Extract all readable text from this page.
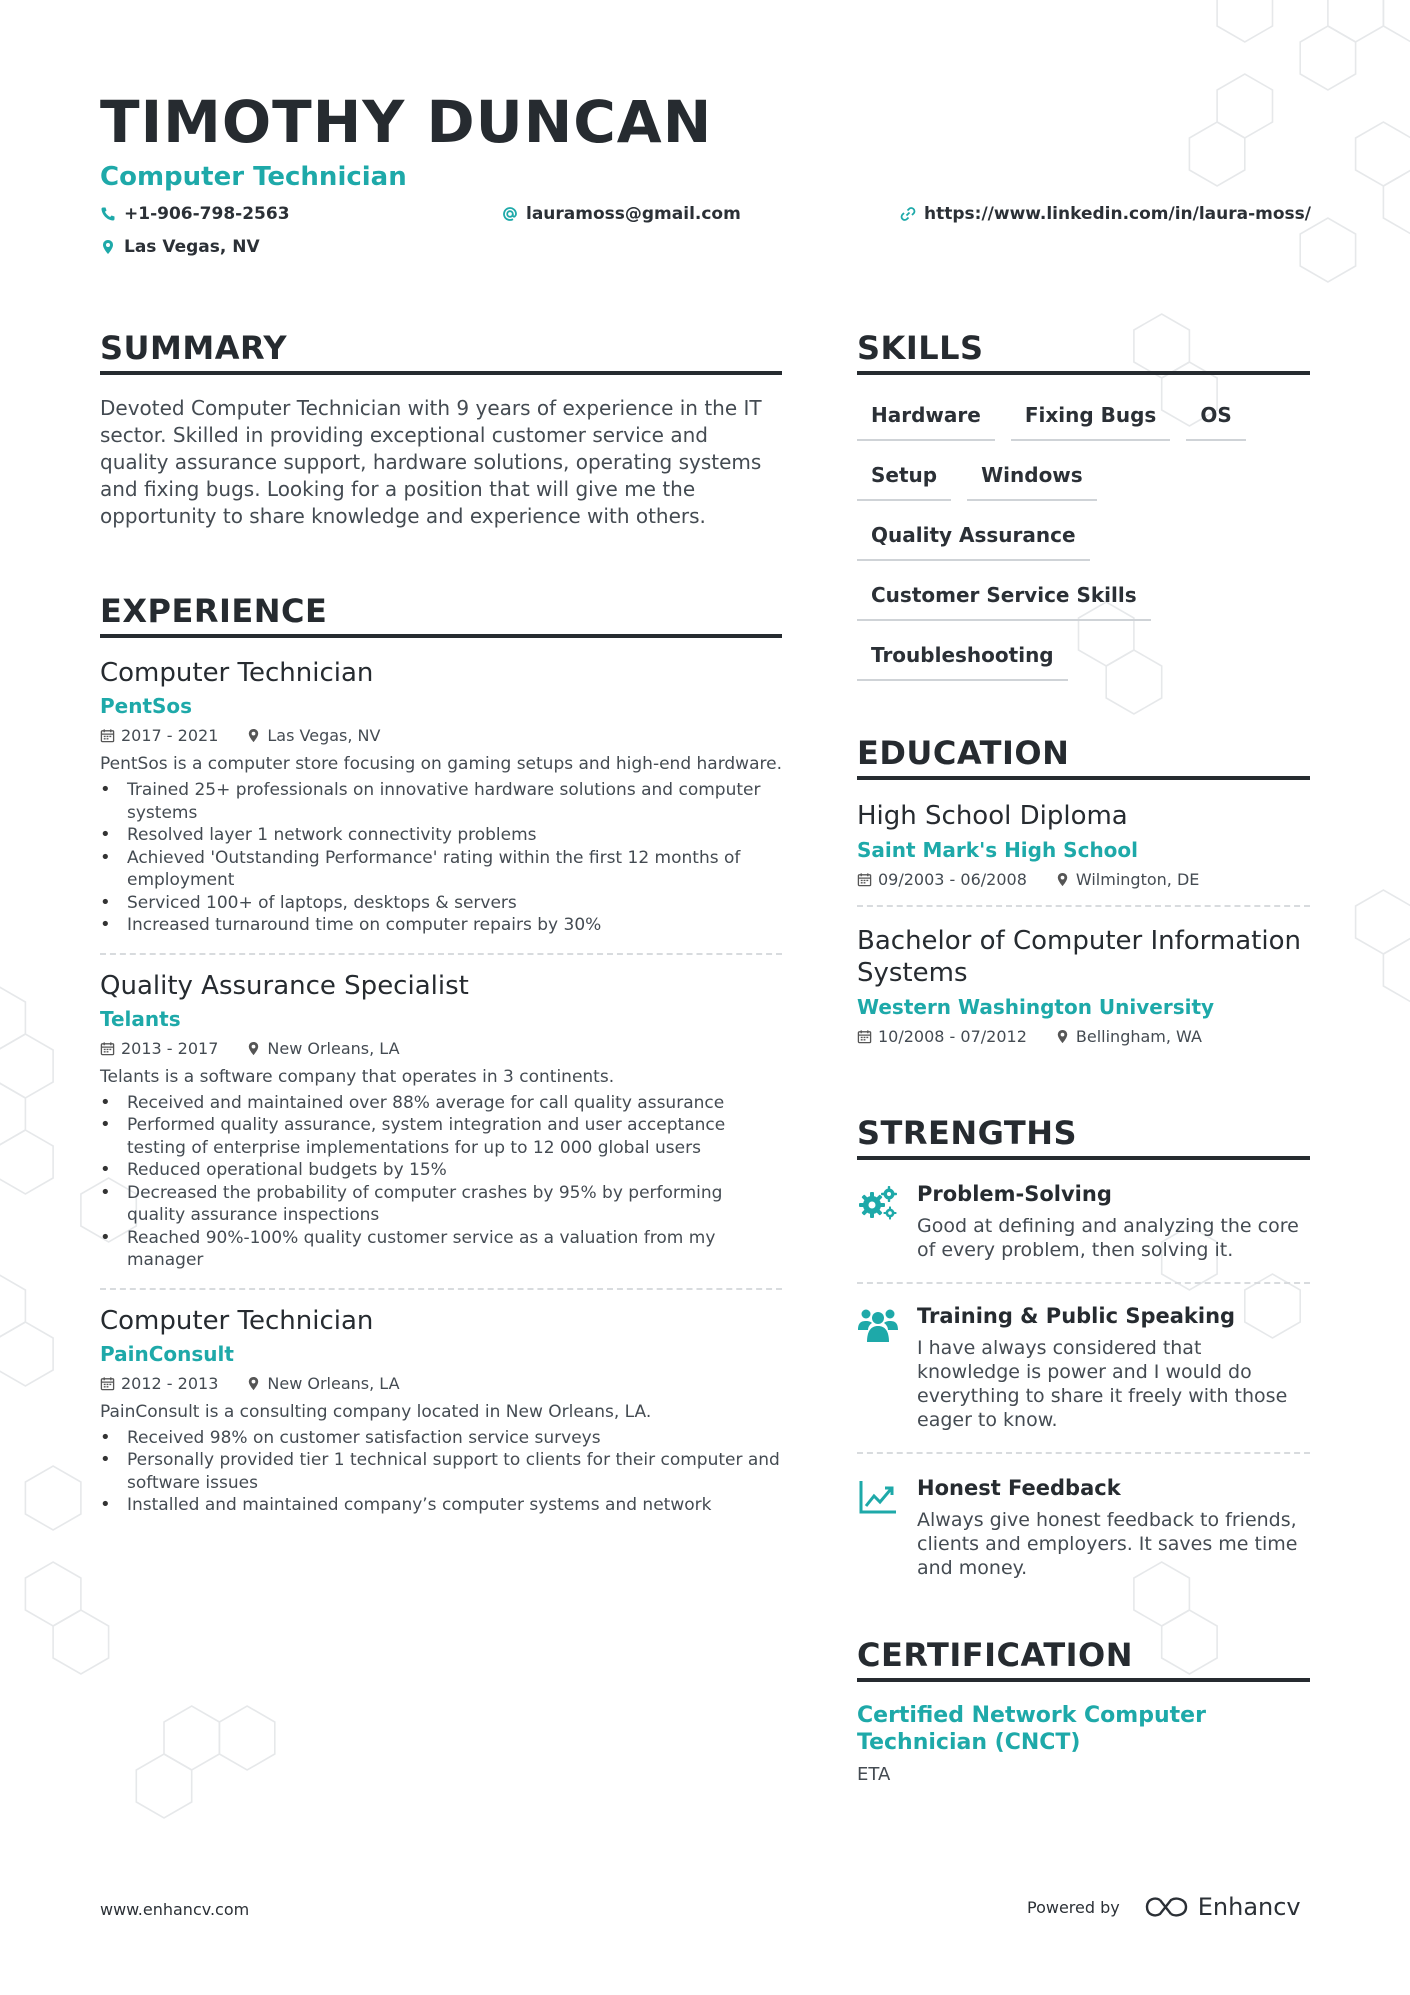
TIMOTHY DUNCAN
Computer Technician
+1-906-798-2563	lauramoss@gmail.com	https://www.linkedin.com/in/laura-moss/
Las Vegas, NV
SUMMARY
Devoted Computer Technician with 9 years of experience in the IT sector. Skilled in providing exceptional customer service and quality assurance support, hardware solutions, operating systems and fixing bugs. Looking for a position that will give me the opportunity to share knowledge and experience with others.
EXPERIENCE
Computer Technician
PentSos
2017 - 2021	Las Vegas, NV
PentSos is a computer store focusing on gaming setups and high-end hardware.
• Trained 25+ professionals on innovative hardware solutions and computer systems
• Resolved layer 1 network connectivity problems
• Achieved 'Outstanding Performance' rating within the first 12 months of employment
• Serviced 100+ of laptops, desktops & servers
• Increased turnaround time on computer repairs by 30%
Quality Assurance Specialist
Telants
2013 - 2017	New Orleans, LA
Telants is a software company that operates in 3 continents.
• Received and maintained over 88% average for call quality assurance
• Performed quality assurance, system integration and user acceptance testing of enterprise implementations for up to 12 000 global users
• Reduced operational budgets by 15%
• Decreased the probability of computer crashes by 95% by performing quality assurance inspections
• Reached 90%-100% quality customer service as a valuation from my manager
Computer Technician
PainConsult
2012 - 2013	New Orleans, LA
PainConsult is a consulting company located in New Orleans, LA.
• Received 98% on customer satisfaction service surveys
• Personally provided tier 1 technical support to clients for their computer and software issues
• Installed and maintained company’s computer systems and network
SKILLS
Hardware	Fixing Bugs	OS
Setup	Windows
Quality Assurance
Customer Service Skills
Troubleshooting
EDUCATION
High School Diploma
Saint Mark's High School
09/2003 - 06/2008	Wilmington, DE
Bachelor of Computer Information Systems
Western Washington University
10/2008 - 07/2012	Bellingham, WA
STRENGTHS
Problem-Solving
Good at defining and analyzing the core of every problem, then solving it.
Training & Public Speaking
I have always considered that knowledge is power and I would do everything to share it freely with those eager to know.
Honest Feedback
Always give honest feedback to friends, clients and employers. It saves me time and money.
CERTIFICATION
Certified Network Computer Technician (CNCT)
ETA
www.enhancv.com	Powered by	Enhancv
